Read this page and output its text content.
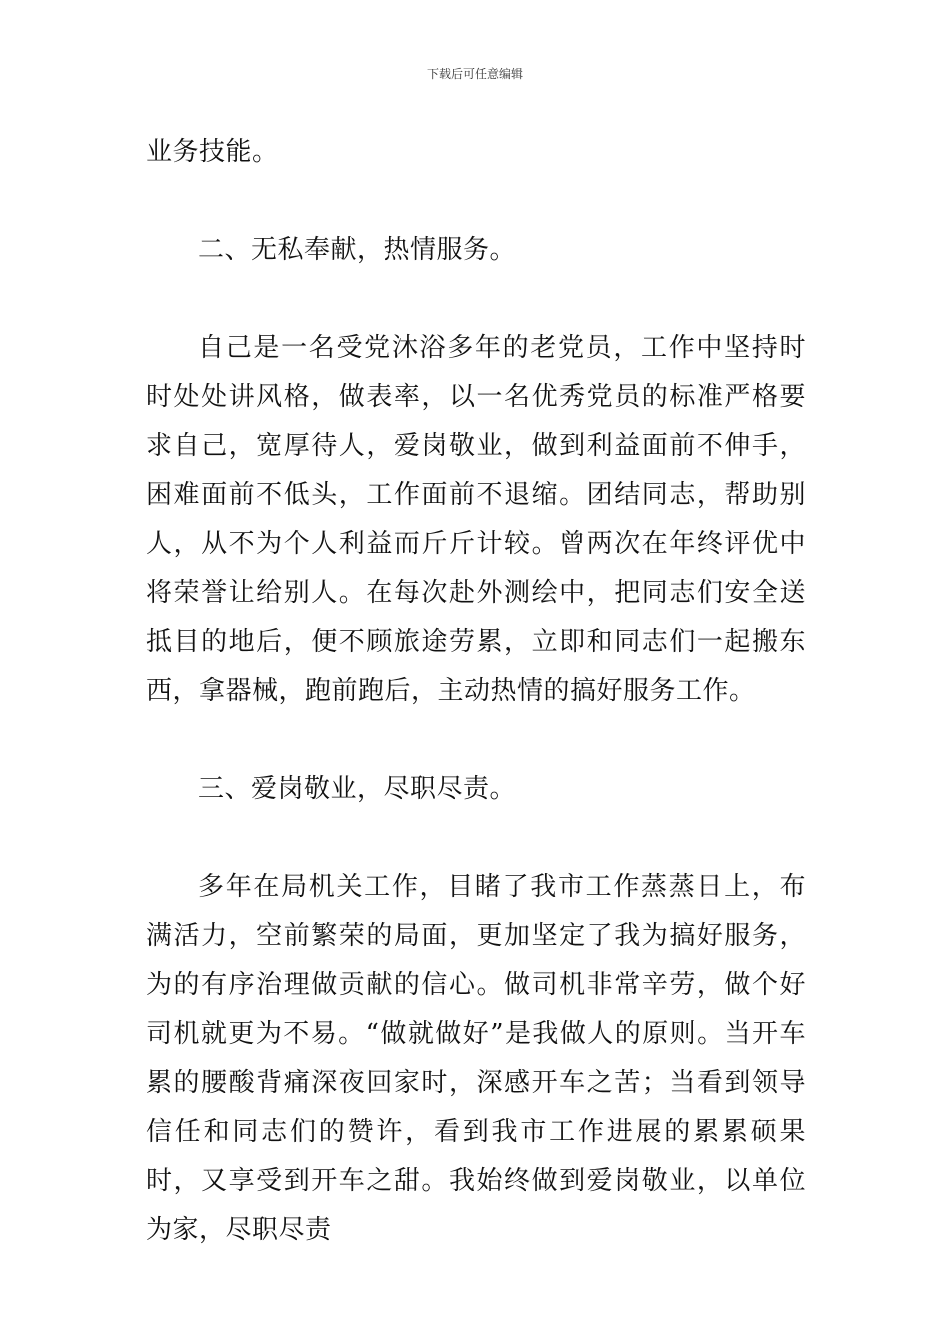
下载后可任意编辑

业务技能。

二、无私奉献，热情服务。

自己是一名受党沐浴多年的老党员，工作中坚持时时处处讲风格，做表率，以一名优秀党员的标准严格要求自己，宽厚待人，爱岗敬业，做到利益面前不伸手，困难面前不低头，工作面前不退缩。团结同志，帮助别人，从不为个人利益而斤斤计较。曾两次在年终评优中将荣誉让给别人。在每次赴外测绘中，把同志们安全送抵目的地后，便不顾旅途劳累，立即和同志们一起搬东西，拿器械，跑前跑后，主动热情的搞好服务工作。

三、爱岗敬业，尽职尽责。

多年在局机关工作，目睹了我市工作蒸蒸日上，布满活力，空前繁荣的局面，更加坚定了我为搞好服务，为的有序治理做贡献的信心。做司机非常辛劳，做个好司机就更为不易。“做就做好”是我做人的原则。当开车累的腰酸背痛深夜回家时，深感开车之苦；当看到领导信任和同志们的赞许，看到我市工作进展的累累硕果时，又享受到开车之甜。我始终做到爱岗敬业，以单位为家，尽职尽责
